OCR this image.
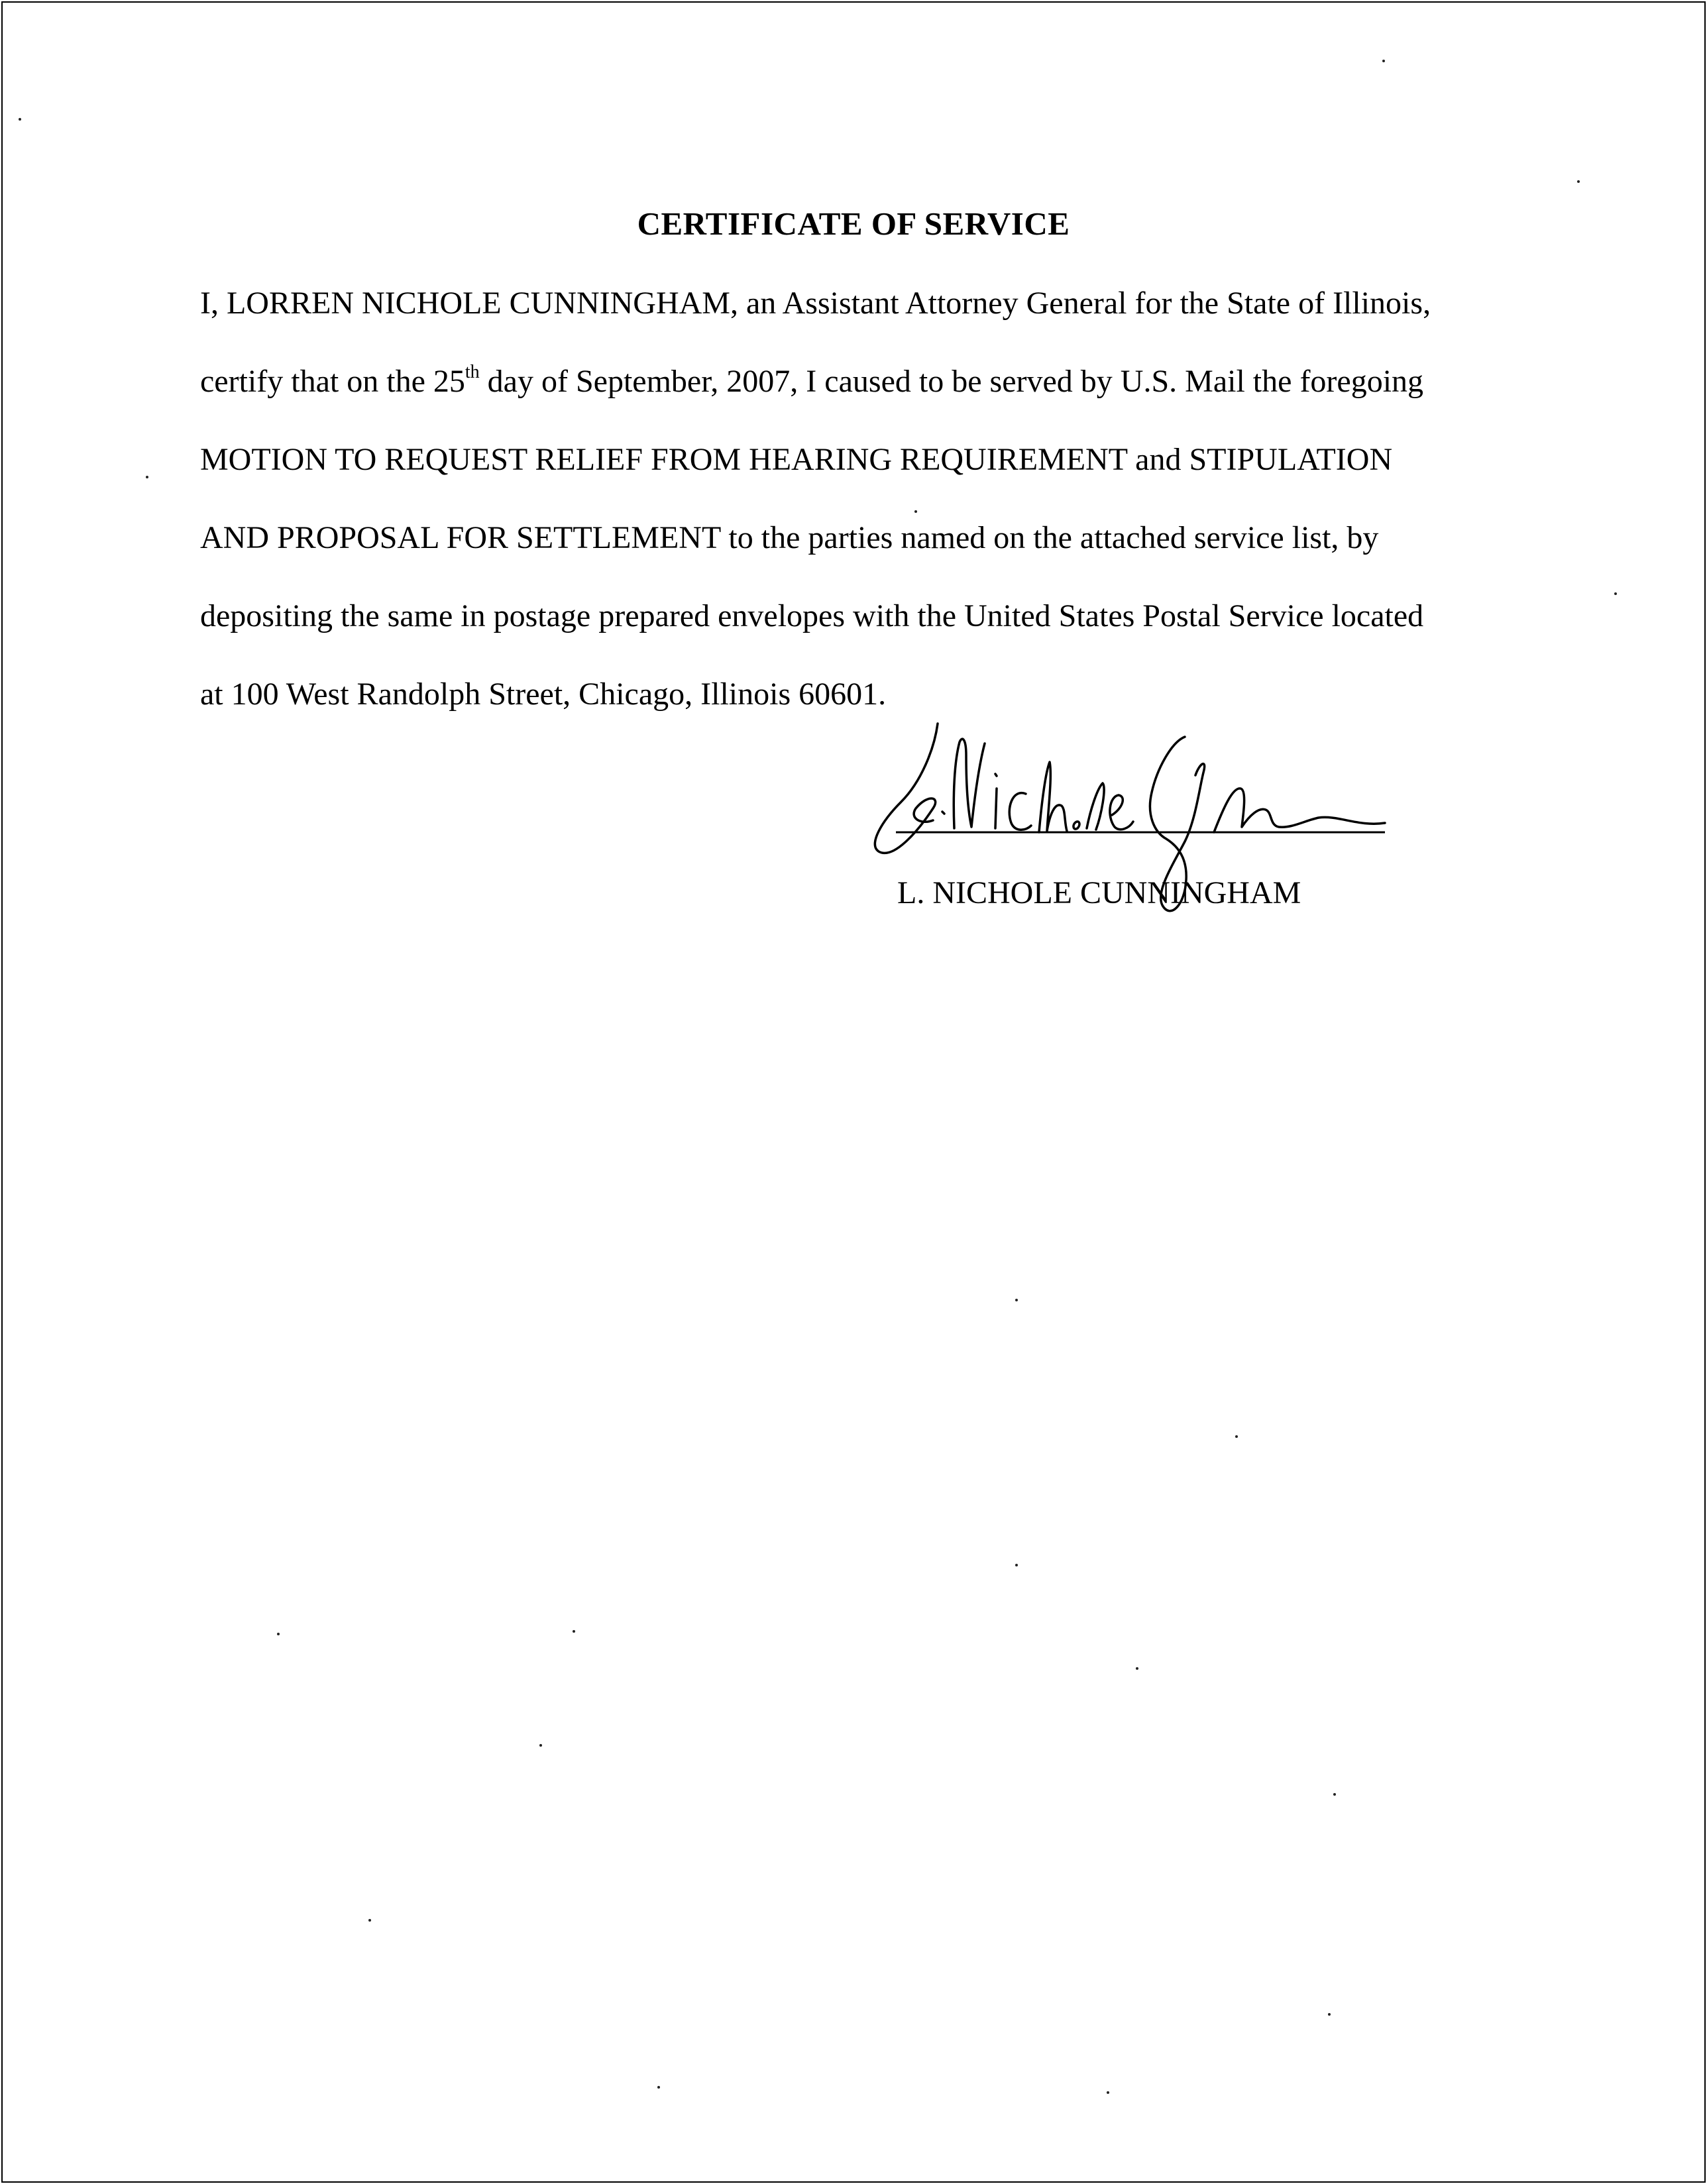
CERTIFICATE OF SERVICE
I, LORREN NICHOLE CUNNINGHAM, an Assistant Attorney General for the State of Illinois,
certify that on the 25th day of September, 2007, I caused to be served by U.S. Mail the foregoing
MOTION TO REQUEST RELIEF FROM HEARING REQUIREMENT and STIPULATION
AND PROPOSAL FOR SETTLEMENT to the parties named on the attached service list, by
depositing the same in postage prepared envelopes with the United States Postal Service located
at 100 West Randolph Street, Chicago, Illinois 60601.
L. NICHOLE CUNNINGHAM
